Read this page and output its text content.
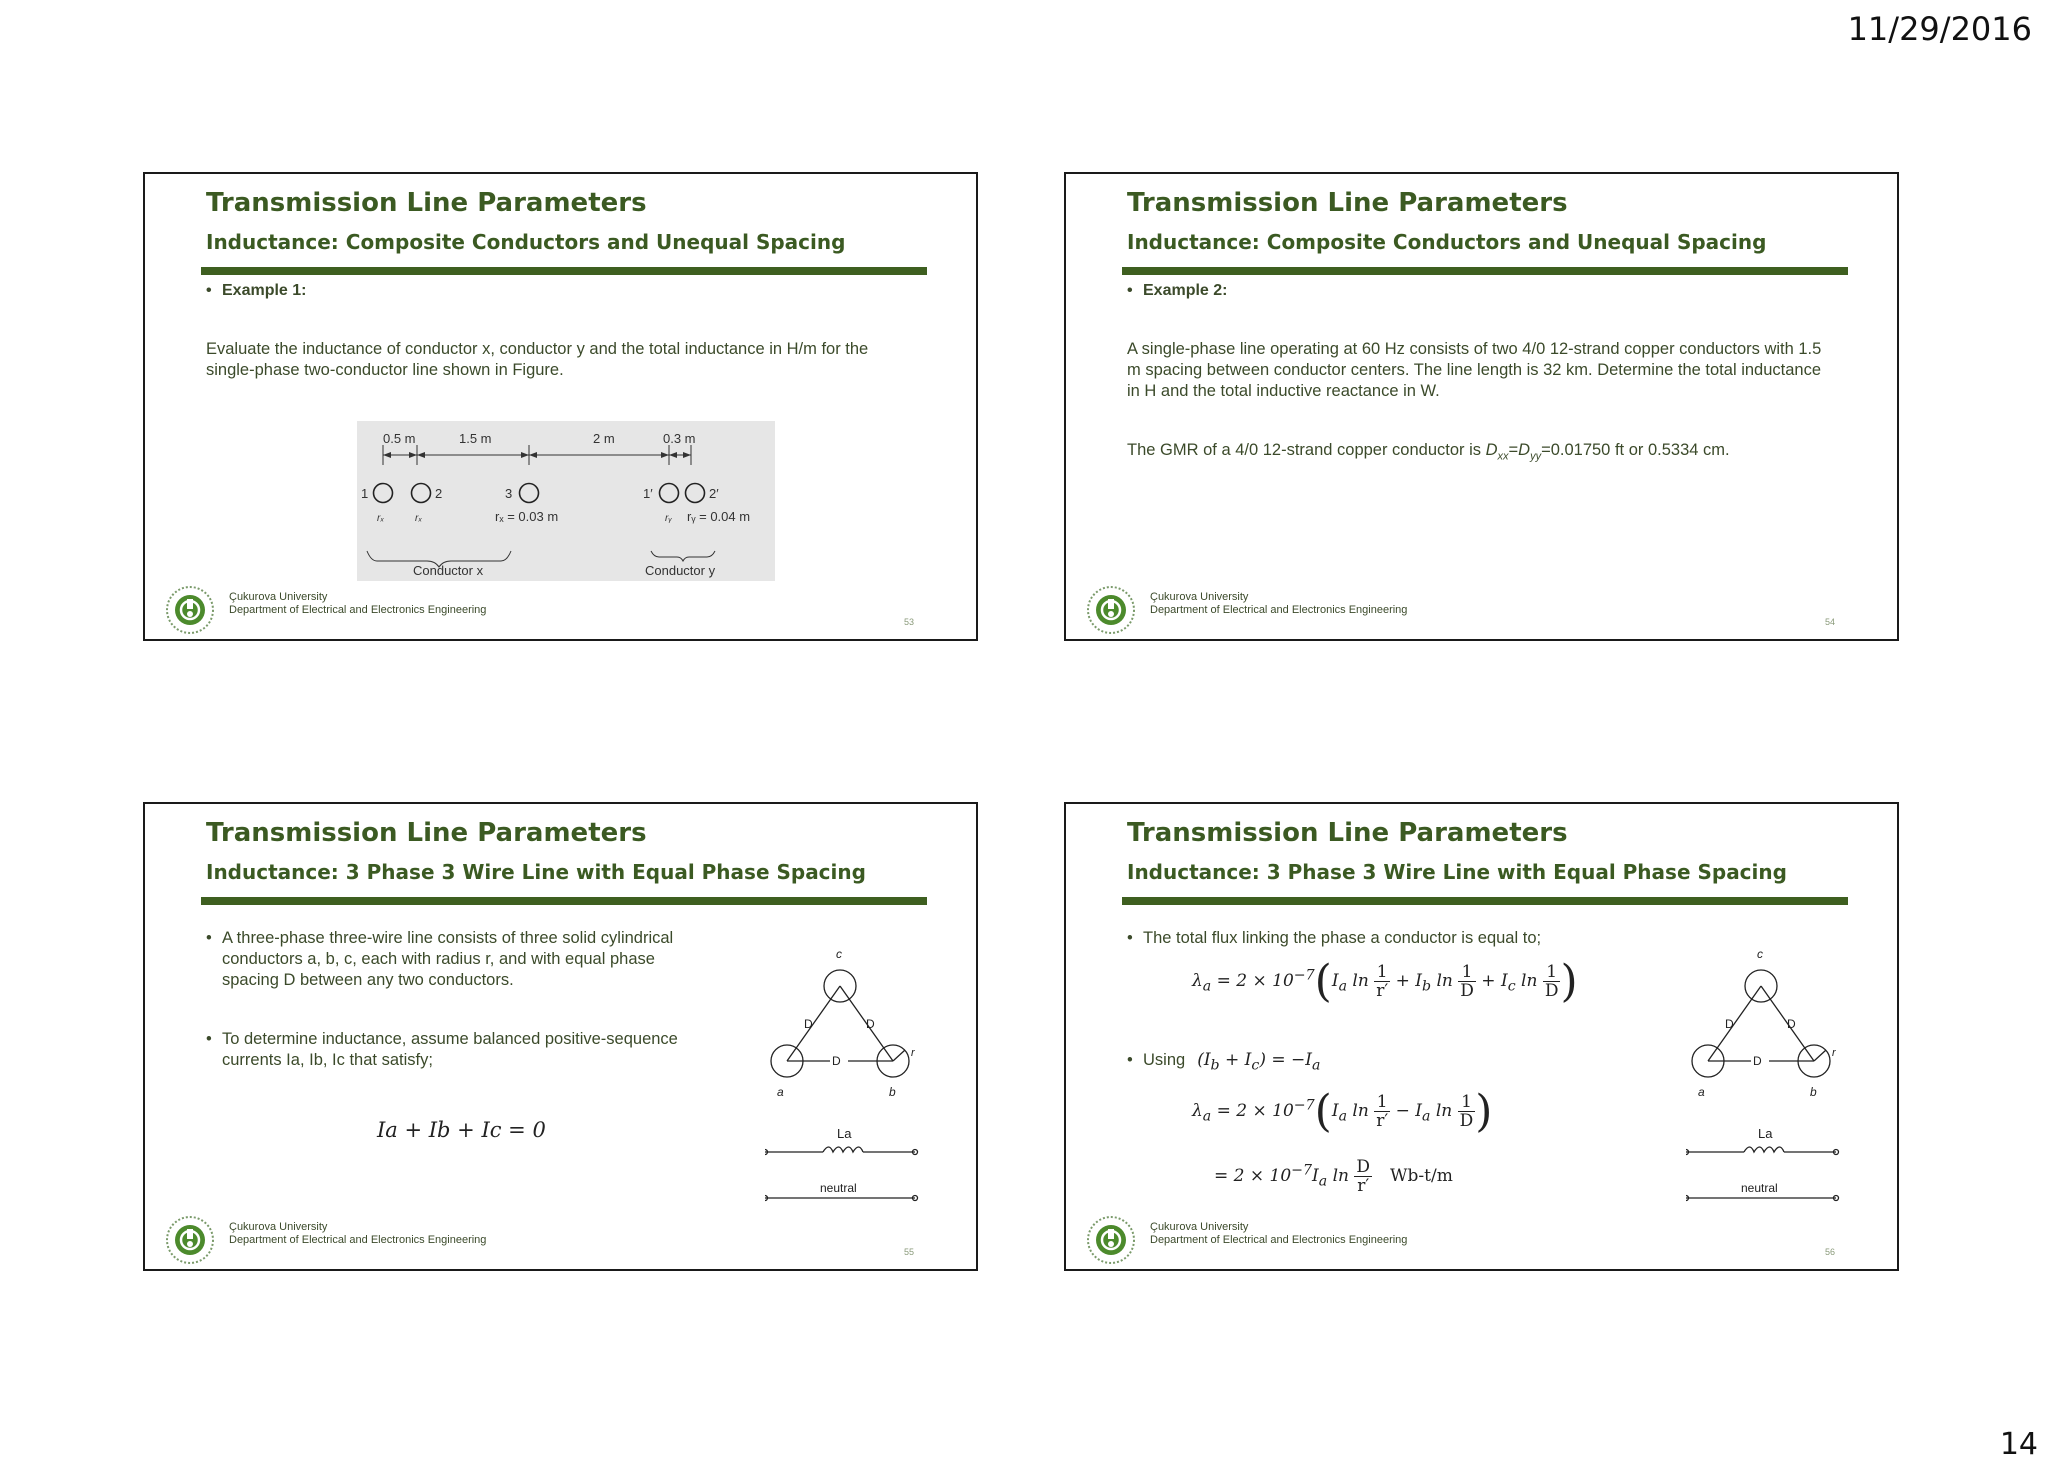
11/29/2016
Transmission Line Parameters
Inductance: Composite Conductors and Unequal Spacing
• Example 1:
Evaluate the inductance of conductor x, conductor y and the total inductance in H/m for the single-phase two-conductor line shown in Figure.
0.5 m	1.5 m	2 m	0.3 m
1	2	3	1′	2′
rₓ	rₓ	rₓ = 0.03 m	rᵧ rᵧ = 0.04 m
Conductor x	Conductor y
Çukurova University
Department of Electrical and Electronics Engineering
53
Transmission Line Parameters
Inductance: Composite Conductors and Unequal Spacing
• Example 2:
A single-phase line operating at 60 Hz consists of two 4/0 12-strand copper conductors with 1.5 m spacing between conductor centers. The line length is 32 km. Determine the total inductance in H and the total inductive reactance in W.
The GMR of a 4/0 12-strand copper conductor is $D_{xx}=D_{yy}=0.01750$ ft or 0.5334 cm.
Çukurova University
Department of Electrical and Electronics Engineering
54
Transmission Line Parameters
Inductance: 3 Phase 3 Wire Line with Equal Phase Spacing
• A three-phase three-wire line consists of three solid cylindrical conductors a, b, c, each with radius r, and with equal phase spacing D between any two conductors.
• To determine inductance, assume balanced positive-sequence currents Ia, Ib, Ic that satisfy;
Ia + Ib + Ic = 0
c
a	b
D	D
D
r
La
neutral
Çukurova University
Department of Electrical and Electronics Engineering
55
Transmission Line Parameters
Inductance: 3 Phase 3 Wire Line with Equal Phase Spacing
• The total flux linking the phase a conductor is equal to;
$\lambda_a = 2 \times 10^{-7}(I_a$ $\ln \frac{1}{r'} + I_b$ $\ln \frac{1}{D} + I_c$ $\ln \frac{1}{D}$ )
• Using $(I_b + I_c) = -I_a$
$\lambda_a = 2 \times 10^{-7}(I_a$ $\ln \frac{1}{r'} - I_a$ $\ln \frac{1}{D}$ )
= $2 \times 10^{-7}I_a$ $\ln \frac{D}{r'} Wb-t/m$
c
a	b
D	D
D
r
La
neutral
Çukurova University
Department of Electrical and Electronics Engineering
56
14
